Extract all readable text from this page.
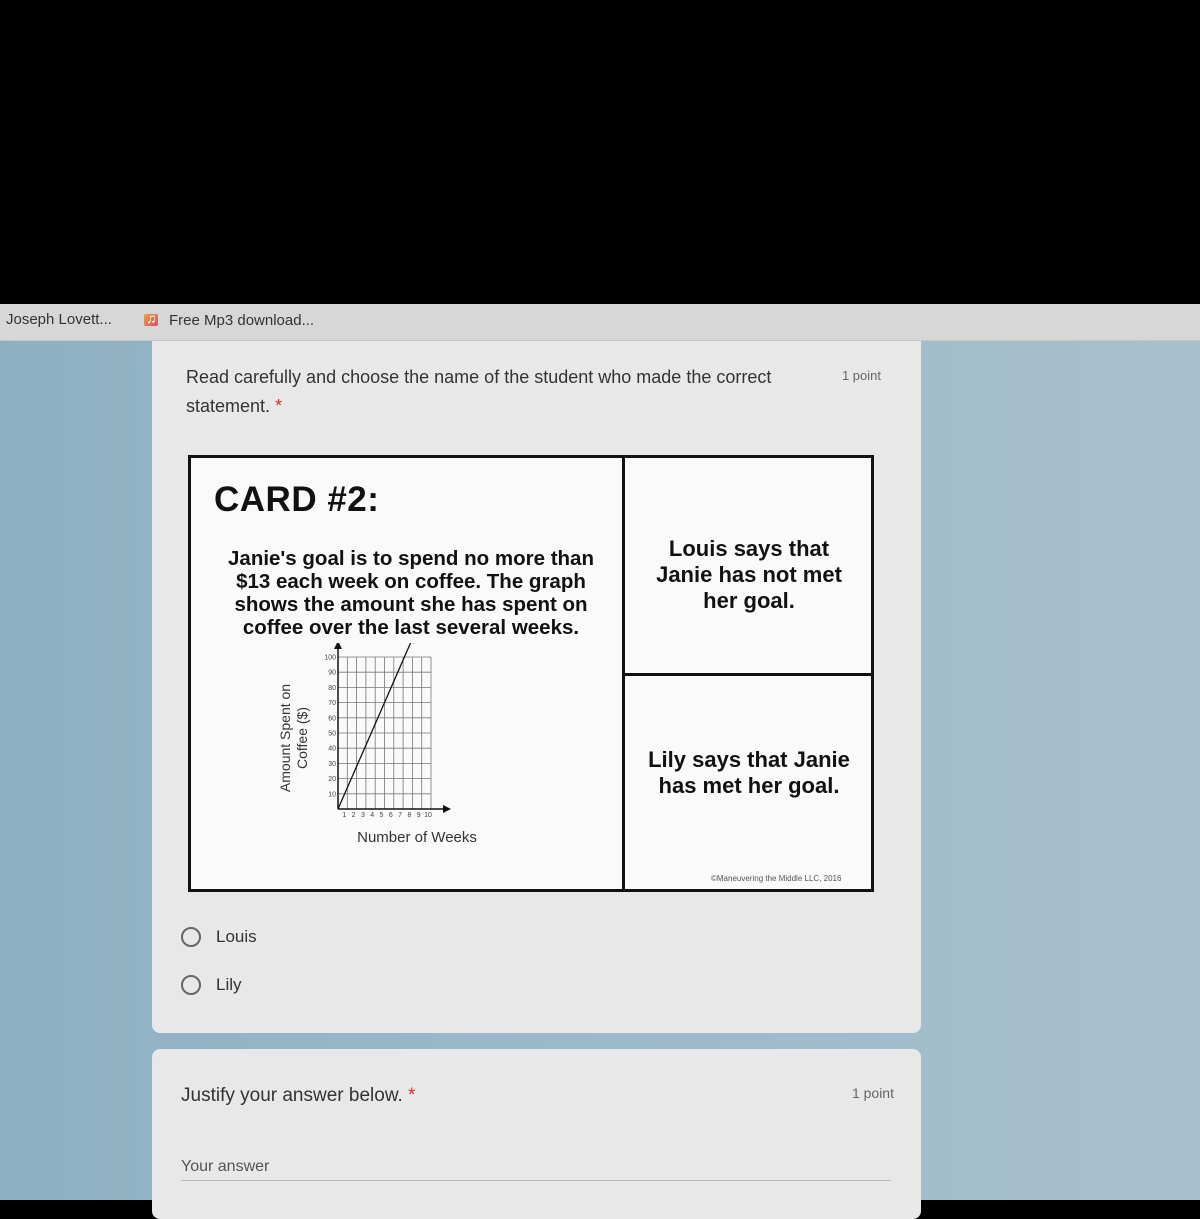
Joseph Lovett...
♫	Free Mp3 download...
Read carefully and choose the name of the student who made the correct statement. *
1 point
CARD #2:
Janie's goal is to spend no more than $13 each week on coffee. The graph shows the amount she has spent on coffee over the last several weeks.
Louis says that Janie has not met her goal.
Lily says that Janie has met her goal.
©Maneuvering the Middle LLC, 2016
10
20
30
40
50
60
70
80
90
100
1 2 3 4 5 6 7 8 9 10
Amount Spent on Coffee ($)
Number of Weeks
Louis
Lily
Justify your answer below. *	1 point
Your answer
